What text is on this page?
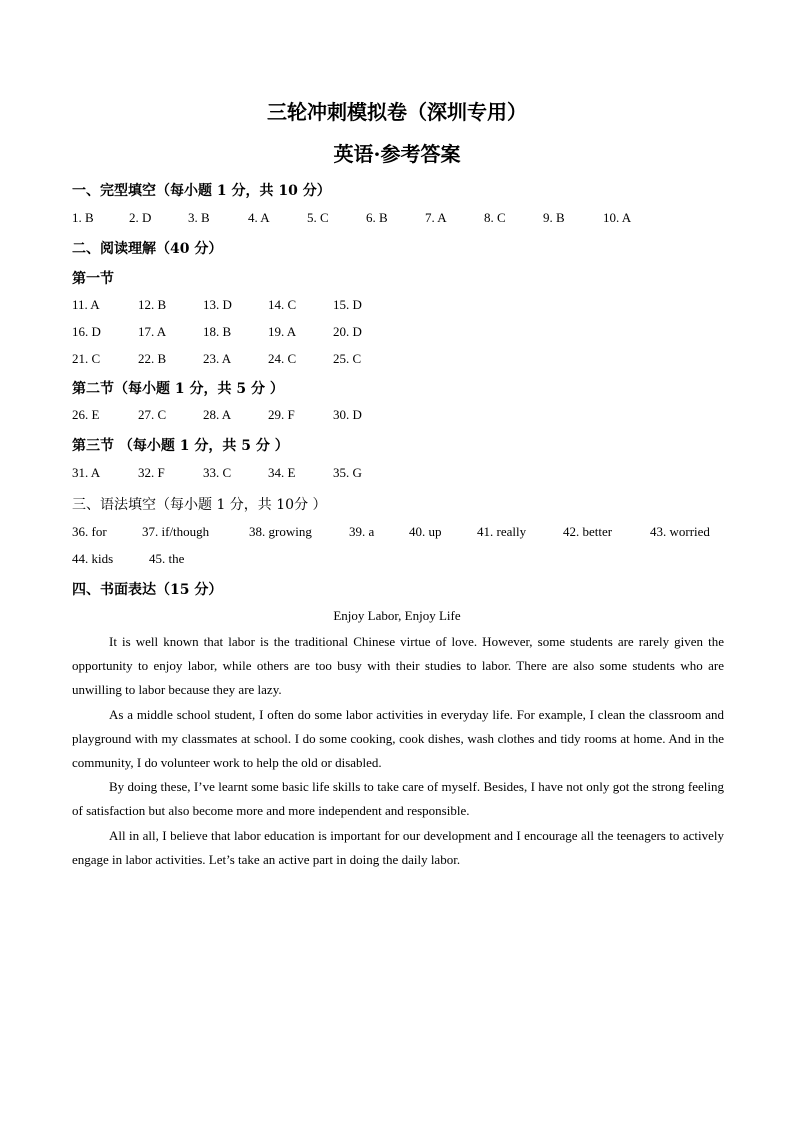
三轮冲刺模拟卷（深圳专用）
英语·参考答案
一、完型填空（每小题 1 分，共 10 分）
1. B	2. D	3. B	4. A	5. C	6. B	7. A	8. C	9. B	10. A
二、阅读理解（40 分）
第一节
11. A	12. B	13. D	14. C	15. D
16. D	17. A	18. B	19. A	20. D
21. C	22. B	23. A	24. C	25. C
第二节（每小题 1 分，共 5 分 ）
26. E	27. C	28. A	29. F	30. D
第三节 （每小题 1 分，共 5 分 ）
31. A	32. F	33. C	34. E	35. G
三、语法填空（每小题 1 分，共 10分 ）
36. for	37. if/though	38. growing	39. a	40. up	41. really	42. better	43. worried
44. kids	45. the
四、书面表达（15 分）
Enjoy Labor, Enjoy Life

It is well known that labor is the traditional Chinese virtue of love. However, some students are rarely given the opportunity to enjoy labor, while others are too busy with their studies to labor. There are also some students who are unwilling to labor because they are lazy.

As a middle school student, I often do some labor activities in everyday life. For example, I clean the classroom and playground with my classmates at school. I do some cooking, cook dishes, wash clothes and tidy rooms at home. And in the community, I do volunteer work to help the old or disabled.

By doing these, I’ve learnt some basic life skills to take care of myself. Besides, I have not only got the strong feeling of satisfaction but also become more and more independent and responsible.

All in all, I believe that labor education is important for our development and I encourage all the teenagers to actively engage in labor activities. Let’s take an active part in doing the daily labor.
